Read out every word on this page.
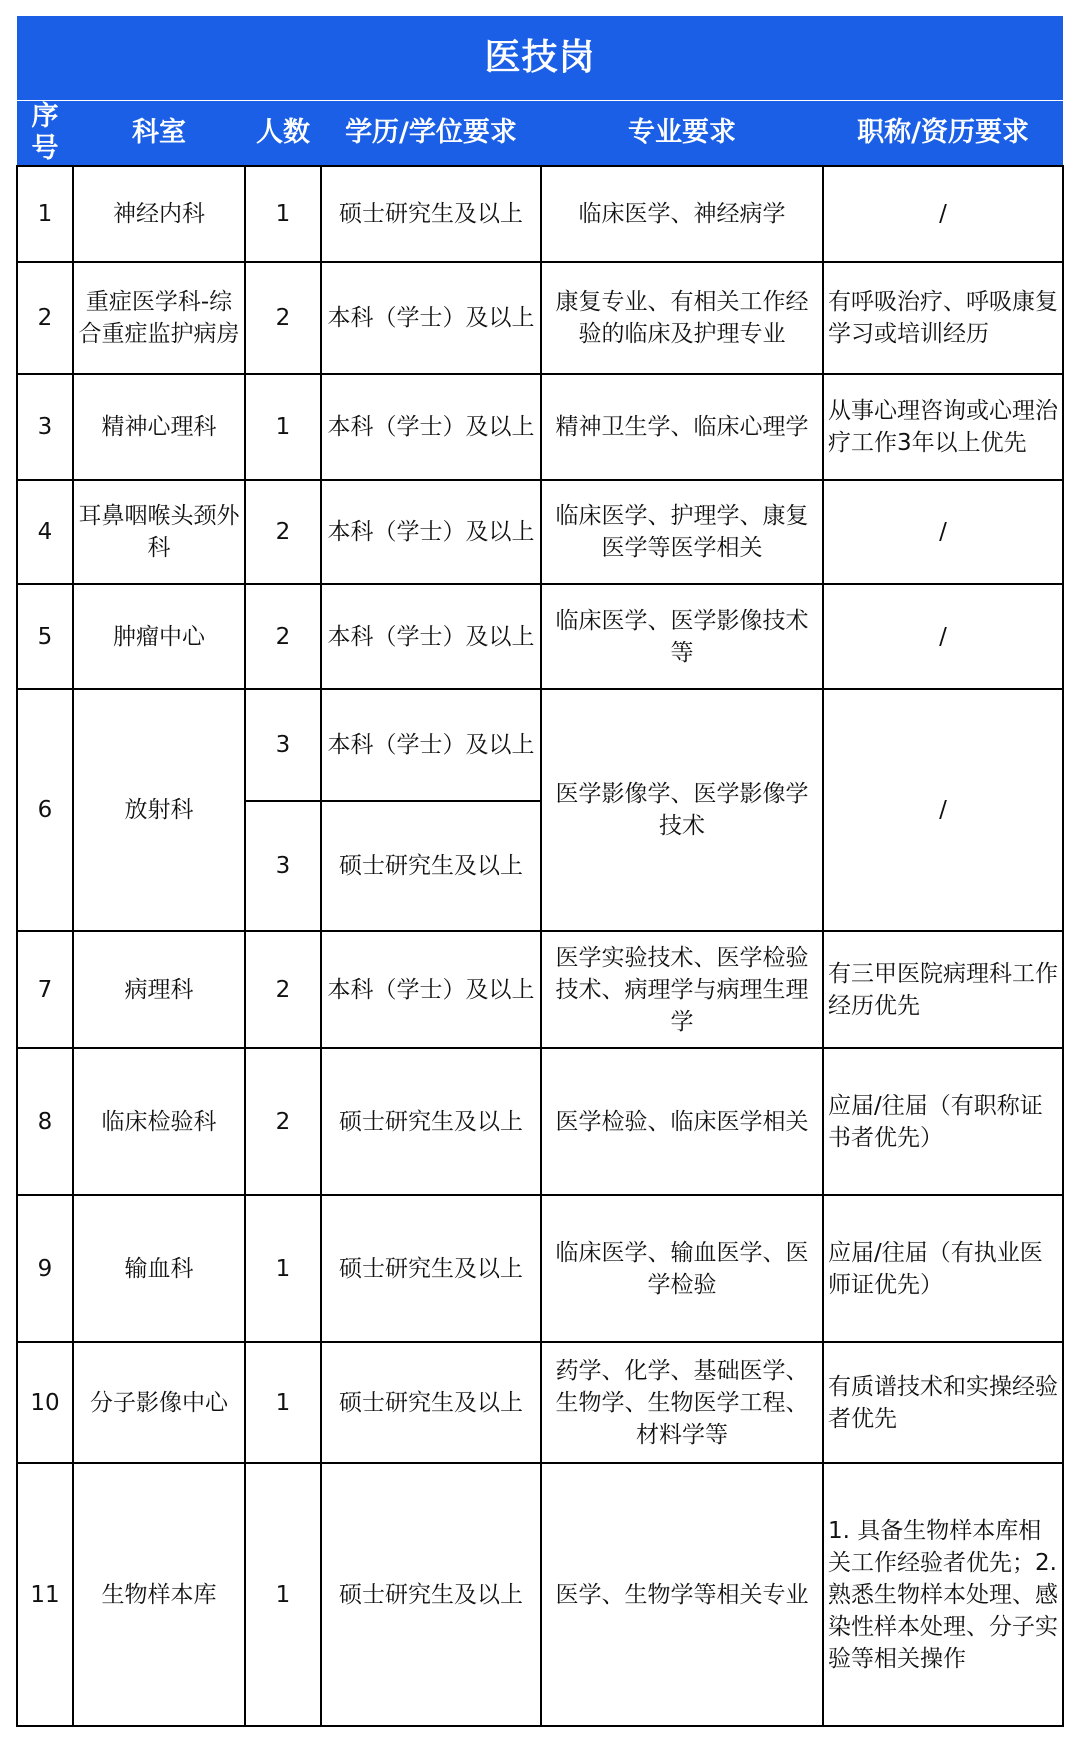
医技岗					
序号	科室	人数	学历/学位要求	专业要求	职称/资历要求
1	神经内科	1	硕士研究生及以上	临床医学、神经病学	/
2	重症医学科-综合重症监护病房	2	本科（学士）及以上	康复专业、有相关工作经验的临床及护理专业	有呼吸治疗、呼吸康复学习或培训经历
3	精神心理科	1	本科（学士）及以上	精神卫生学、临床心理学	从事心理咨询或心理治疗工作3年以上优先
4	耳鼻咽喉头颈外科	2	本科（学士）及以上	临床医学、护理学、康复医学等医学相关	/
5	肿瘤中心	2	本科（学士）及以上	临床医学、医学影像技术等	/
6	放射科	3	本科（学士）及以上	医学影像学、医学影像学技术	/
		3	硕士研究生及以上		
7	病理科	2	本科（学士）及以上	医学实验技术、医学检验技术、病理学与病理生理学	有三甲医院病理科工作经历优先
8	临床检验科	2	硕士研究生及以上	医学检验、临床医学相关	应届/往届（有职称证书者优先）
9	输血科	1	硕士研究生及以上	临床医学、输血医学、医学检验	应届/往届（有执业医师证优先）
10	分子影像中心	1	硕士研究生及以上	药学、化学、基础医学、生物学、生物医学工程、材料学等	有质谱技术和实操经验者优先
11	生物样本库	1	硕士研究生及以上	医学、生物学等相关专业	1. 具备生物样本库相关工作经验者优先；2. 熟悉生物样本处理、感染性样本处理、分子实验等相关操作
